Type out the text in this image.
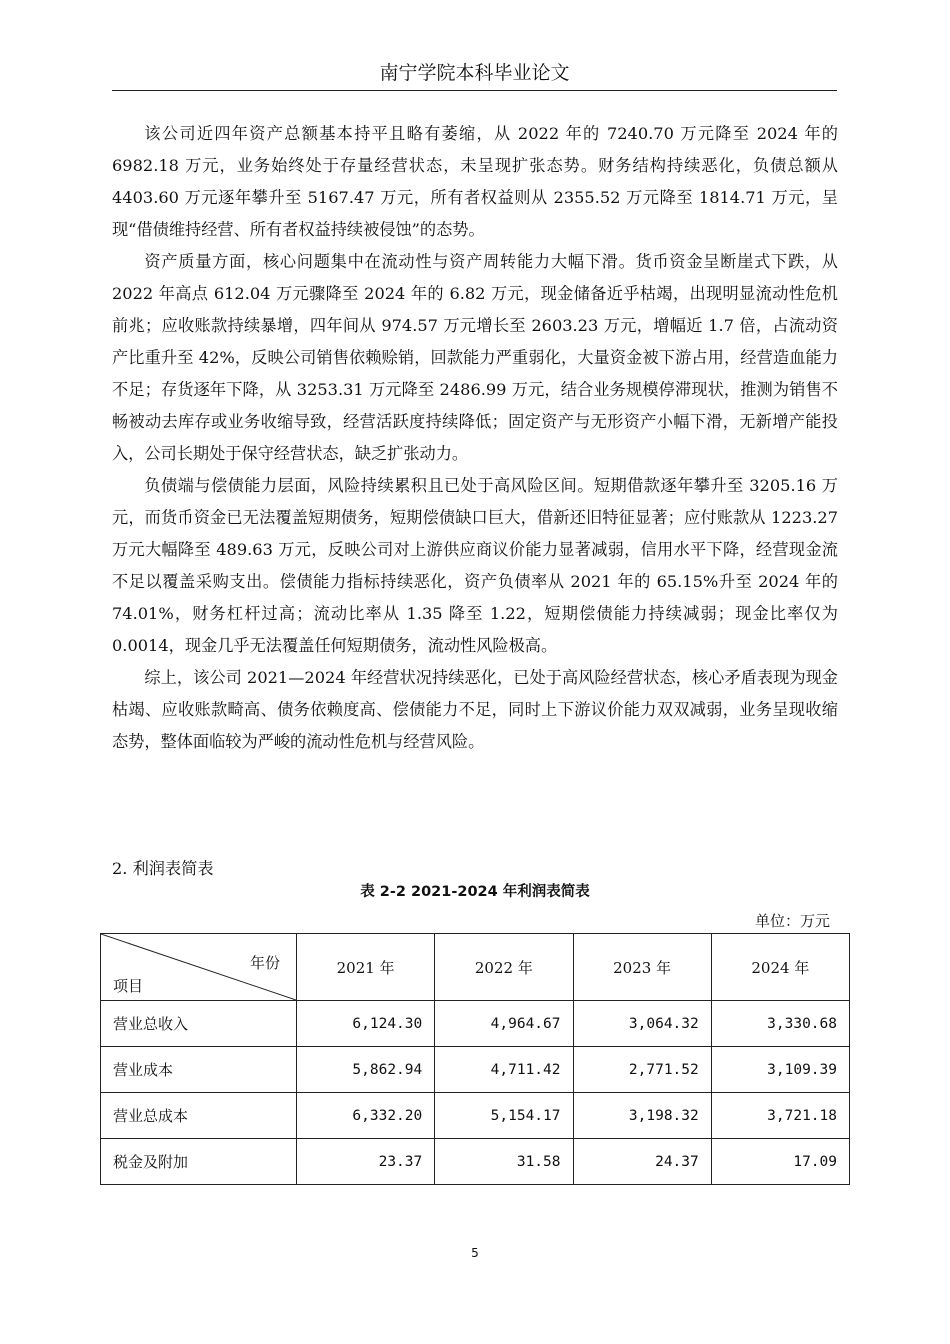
南宁学院本科毕业论文

该公司近四年资产总额基本持平且略有萎缩，从 2022 年的 7240.70 万元降至 2024 年的 6982.18 万元，业务始终处于存量经营状态，未呈现扩张态势。财务结构持续恶化，负债总额从 4403.60 万元逐年攀升至 5167.47 万元，所有者权益则从 2355.52 万元降至 1814.71 万元，呈现“借债维持经营、所有者权益持续被侵蚀”的态势。

资产质量方面，核心问题集中在流动性与资产周转能力大幅下滑。货币资金呈断崖式下跌，从 2022 年高点 612.04 万元骤降至 2024 年的 6.82 万元，现金储备近乎枯竭，出现明显流动性危机前兆；应收账款持续暴增，四年间从 974.57 万元增长至 2603.23 万元，增幅近 1.7 倍，占流动资产比重升至 42%，反映公司销售依赖赊销，回款能力严重弱化，大量资金被下游占用，经营造血能力不足；存货逐年下降，从 3253.31 万元降至 2486.99 万元，结合业务规模停滞现状，推测为销售不畅被动去库存或业务收缩导致，经营活跃度持续降低；固定资产与无形资产小幅下滑，无新增产能投入，公司长期处于保守经营状态，缺乏扩张动力。

负债端与偿债能力层面，风险持续累积且已处于高风险区间。短期借款逐年攀升至 3205.16 万元，而货币资金已无法覆盖短期债务，短期偿债缺口巨大，借新还旧特征显著；应付账款从 1223.27 万元大幅降至 489.63 万元，反映公司对上游供应商议价能力显著减弱，信用水平下降，经营现金流不足以覆盖采购支出。偿债能力指标持续恶化，资产负债率从 2021 年的 65.15%升至 2024 年的 74.01%，财务杠杆过高；流动比率从 1.35 降至 1.22，短期偿债能力持续减弱；现金比率仅为 0.0014，现金几乎无法覆盖任何短期债务，流动性风险极高。

综上，该公司 2021—2024 年经营状况持续恶化，已处于高风险经营状态，核心矛盾表现为现金枯竭、应收账款畸高、债务依赖度高、偿债能力不足，同时上下游议价能力双双减弱，业务呈现收缩态势，整体面临较为严峻的流动性危机与经营风险。

2. 利润表简表
表 2-2 2021-2024 年利润表简表
单位：万元
年份
项目	2021 年	2022 年	2023 年	2024 年
营业总收入	6,124.30	4,964.67	3,064.32	3,330.68
营业成本	5,862.94	4,711.42	2,771.52	3,109.39
营业总成本	6,332.20	5,154.17	3,198.32	3,721.18
税金及附加	23.37	31.58	24.37	17.09
5
